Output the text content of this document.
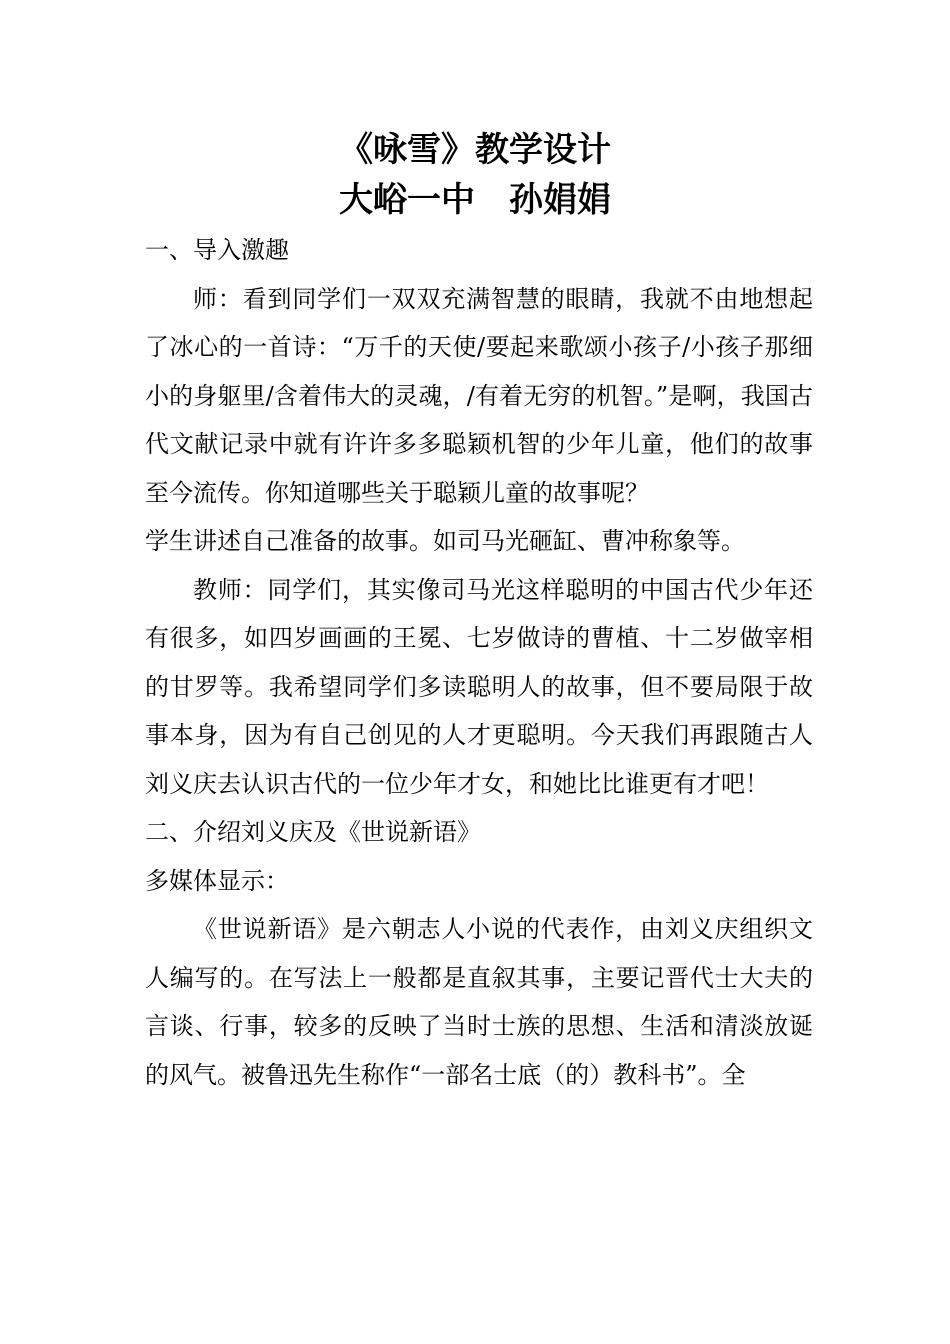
《咏雪》教学设计
大峪一中　孙娟娟

一、导入激趣

师：看到同学们一双双充满智慧的眼睛，我就不由地想起了冰心的一首诗：“万千的天使/要起来歌颂小孩子/小孩子那细小的身躯里/含着伟大的灵魂，/有着无穷的机智。”是啊，我国古代文献记录中就有许许多多聪颖机智的少年儿童，他们的故事至今流传。你知道哪些关于聪颖儿童的故事呢？

学生讲述自己准备的故事。如司马光砸缸、曹冲称象等。

教师：同学们，其实像司马光这样聪明的中国古代少年还有很多，如四岁画画的王冕、七岁做诗的曹植、十二岁做宰相的甘罗等。我希望同学们多读聪明人的故事，但不要局限于故事本身，因为有自己创见的人才更聪明。今天我们再跟随古人刘义庆去认识古代的一位少年才女，和她比比谁更有才吧！

二、介绍刘义庆及《世说新语》

多媒体显示：

《世说新语》是六朝志人小说的代表作，由刘义庆组织文人编写的。在写法上一般都是直叙其事，主要记晋代士大夫的言谈、行事，较多的反映了当时士族的思想、生活和清淡放诞的风气。被鲁迅先生称作“一部名士底（的）教科书”。全
